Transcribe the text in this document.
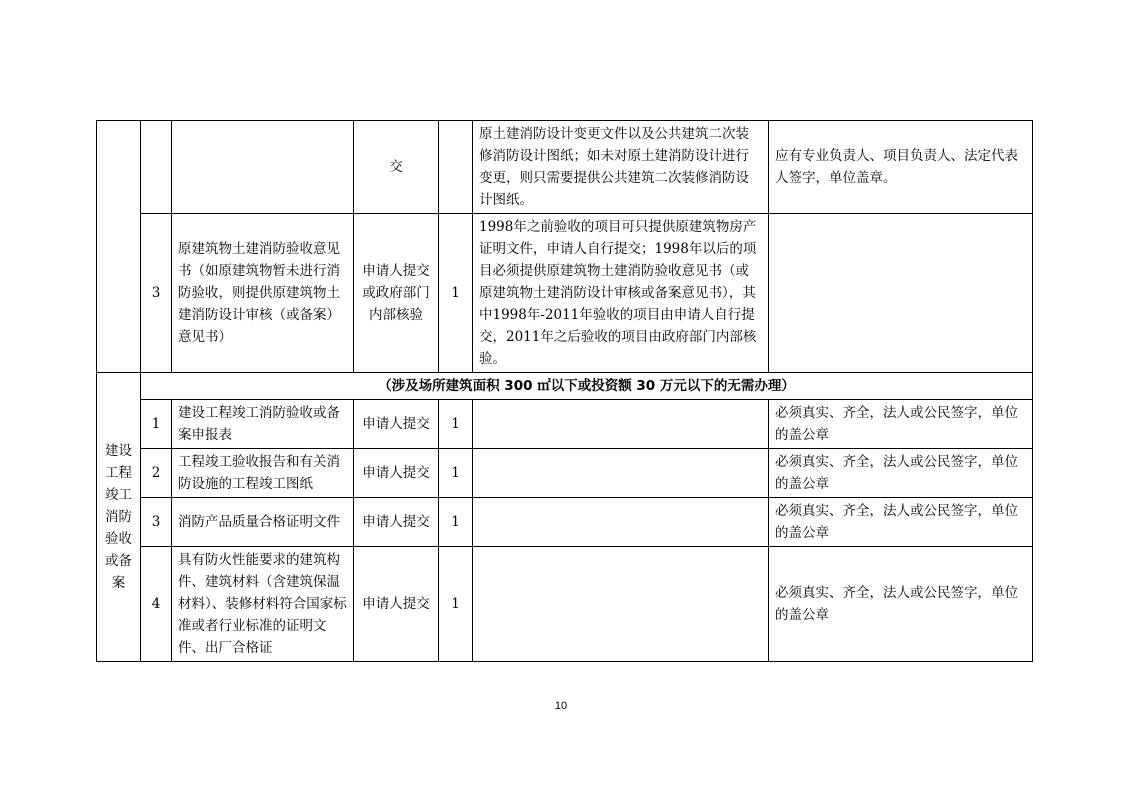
			交		原土建消防设计变更文件以及公共建筑二次装修消防设计图纸；如未对原土建消防设计进行变更，则只需要提供公共建筑二次装修消防设计图纸。	应有专业负责人、项目负责人、法定代表人签字，单位盖章。
	3	原建筑物土建消防验收意见书（如原建筑物暂未进行消防验收，则提供原建筑物土建消防设计审核（或备案）意见书）	申请人提交或政府部门内部核验	1	1998年之前验收的项目可只提供原建筑物房产证明文件，申请人自行提交；1998年以后的项目必须提供原建筑物土建消防验收意见书（或原建筑物土建消防设计审核或备案意见书），其中1998年-2011年验收的项目由申请人自行提交，2011年之后验收的项目由政府部门内部核验。	
建设工程竣工消防验收或备案	（涉及场所建筑面积 300 ㎡以下或投资额 30 万元以下的无需办理）					
	1	建设工程竣工消防验收或备案申报表	申请人提交	1		必须真实、齐全，法人或公民签字，单位的盖公章
	2	工程竣工验收报告和有关消防设施的工程竣工图纸	申请人提交	1		必须真实、齐全，法人或公民签字，单位的盖公章
	3	消防产品质量合格证明文件	申请人提交	1		必须真实、齐全，法人或公民签字，单位的盖公章
	4	具有防火性能要求的建筑构件、建筑材料（含建筑保温材料）、装修材料符合国家标准或者行业标准的证明文件、出厂合格证	申请人提交	1		必须真实、齐全，法人或公民签字，单位的盖公章
10
